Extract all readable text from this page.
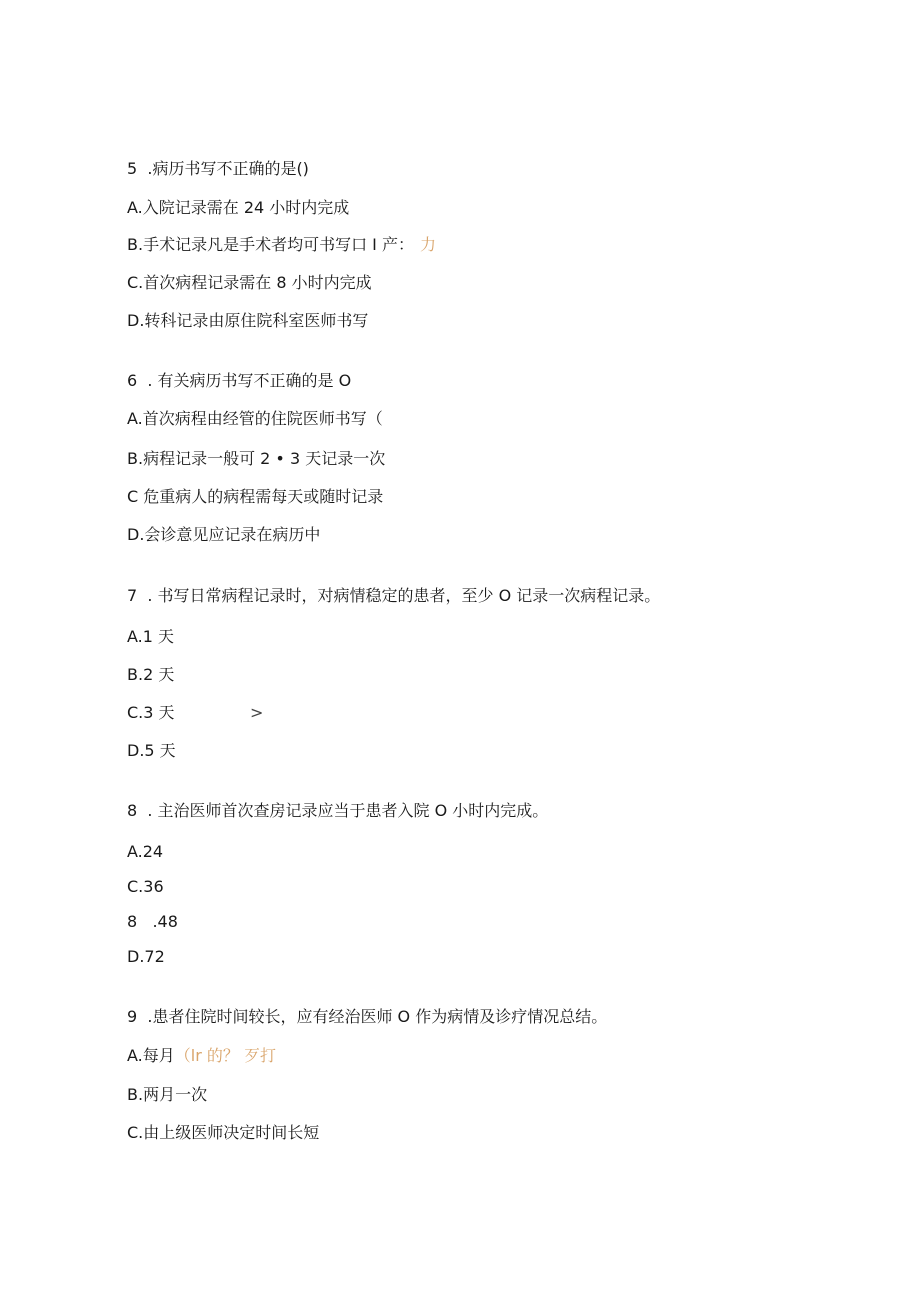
5  .病历书写不正确的是()
A.入院记录需在 24 小时内完成
B.手术记录凡是手术者均可书写口 I 产： 力
C.首次病程记录需在 8 小时内完成
D.转科记录由原住院科室医师书写
6  . 有关病历书写不正确的是 O
A.首次病程由经管的住院医师书写（
B.病程记录一般可 2 • 3 天记录一次
C 危重病人的病程需每天或随时记录
D.会诊意见应记录在病历中
7  . 书写日常病程记录时，对病情稳定的患者，至少 O 记录一次病程记录。
A.1 天
B.2 天
C.3 天	>
D.5 天
8  . 主治医师首次查房记录应当于患者入院 O 小时内完成。
A.24
C.36
8   .48
D.72
9  .患者住院时间较长，应有经治医师 O 作为病情及诊疗情况总结。
A.每月（lr 的？ 歹打
B.两月一次
C.由上级医师决定时间长短
